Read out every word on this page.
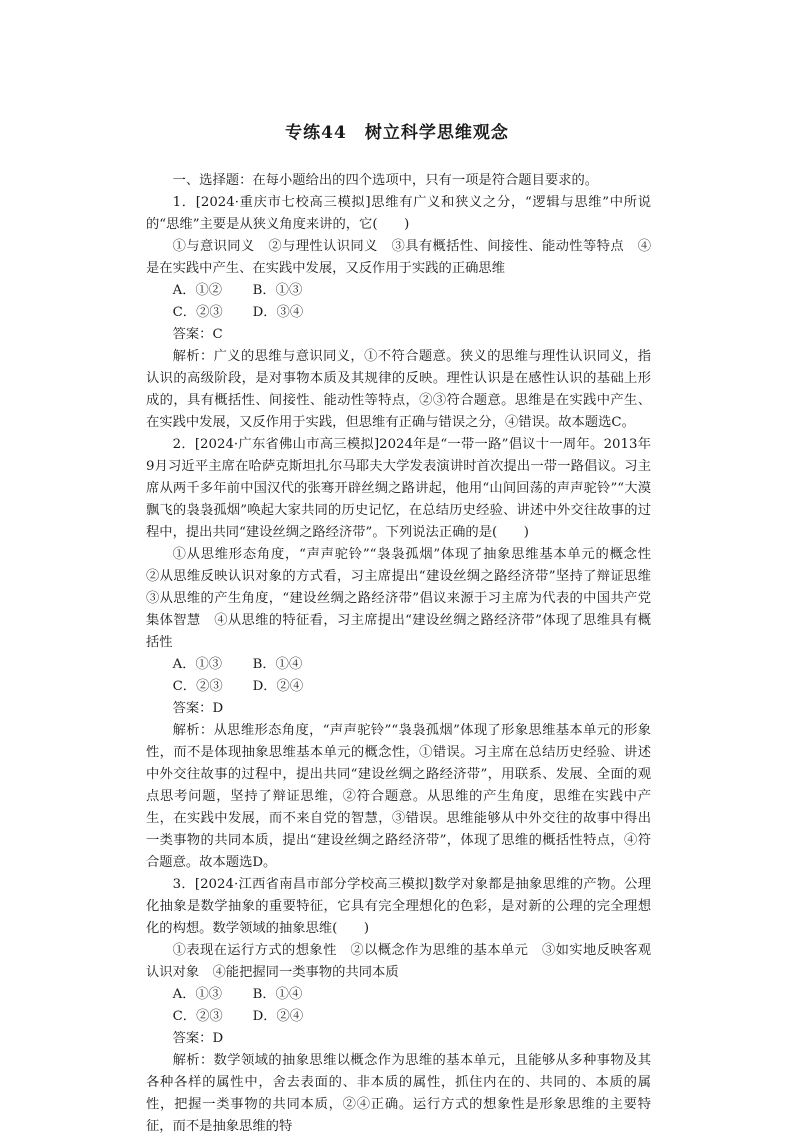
专练44　树立科学思维观念

一、选择题：在每小题给出的四个选项中，只有一项是符合题目要求的。

1．[2024·重庆市七校高三模拟]思维有广义和狭义之分，“逻辑与思维”中所说的“思维”主要是从狭义角度来讲的，它(　　)

①与意识同义　②与理性认识同义　③具有概括性、间接性、能动性等特点　④是在实践中产生、在实践中发展，又反作用于实践的正确思维

A．①②	B．①③
C．②③	D．③④

答案：C

解析：广义的思维与意识同义，①不符合题意。狭义的思维与理性认识同义，指认识的高级阶段，是对事物本质及其规律的反映。理性认识是在感性认识的基础上形成的，具有概括性、间接性、能动性等特点，②③符合题意。思维是在实践中产生、在实践中发展，又反作用于实践，但思维有正确与错误之分，④错误。故本题选C。

2．[2024·广东省佛山市高三模拟]2024年是“一带一路”倡议十一周年。2013年9月习近平主席在哈萨克斯坦扎尔马耶夫大学发表演讲时首次提出一带一路倡议。习主席从两千多年前中国汉代的张骞开辟丝绸之路讲起，他用“山间回荡的声声驼铃”“大漠飘飞的袅袅孤烟”唤起大家共同的历史记忆，在总结历史经验、讲述中外交往故事的过程中，提出共同“建设丝绸之路经济带”。下列说法正确的是(　　)

①从思维形态角度，“声声驼铃”“袅袅孤烟”体现了抽象思维基本单元的概念性　②从思维反映认识对象的方式看，习主席提出“建设丝绸之路经济带”坚持了辩证思维　③从思维的产生角度，“建设丝绸之路经济带”倡议来源于习主席为代表的中国共产党集体智慧　④从思维的特征看，习主席提出“建设丝绸之路经济带”体现了思维具有概括性

A．①③	B．①④
C．②③	D．②④

答案：D

解析：从思维形态角度，“声声驼铃”“袅袅孤烟”体现了形象思维基本单元的形象性，而不是体现抽象思维基本单元的概念性，①错误。习主席在总结历史经验、讲述中外交往故事的过程中，提出共同“建设丝绸之路经济带”，用联系、发展、全面的观点思考问题，坚持了辩证思维，②符合题意。从思维的产生角度，思维在实践中产生，在实践中发展，而不来自党的智慧，③错误。思维能够从中外交往的故事中得出一类事物的共同本质，提出“建设丝绸之路经济带”，体现了思维的概括性特点，④符合题意。故本题选D。

3．[2024·江西省南昌市部分学校高三模拟]数学对象都是抽象思维的产物。公理化抽象是数学抽象的重要特征，它具有完全理想化的色彩，是对新的公理的完全理想化的构想。数学领域的抽象思维(　　)

①表现在运行方式的想象性　②以概念作为思维的基本单元　③如实地反映客观认识对象　④能把握同一类事物的共同本质

A．①③	B．①④
C．②③	D．②④

答案：D

解析：数学领域的抽象思维以概念作为思维的基本单元，且能够从多种事物及其各种各样的属性中，舍去表面的、非本质的属性，抓住内在的、共同的、本质的属性，把握一类事物的共同本质，②④正确。运行方式的想象性是形象思维的主要特征，而不是抽象思维的特
